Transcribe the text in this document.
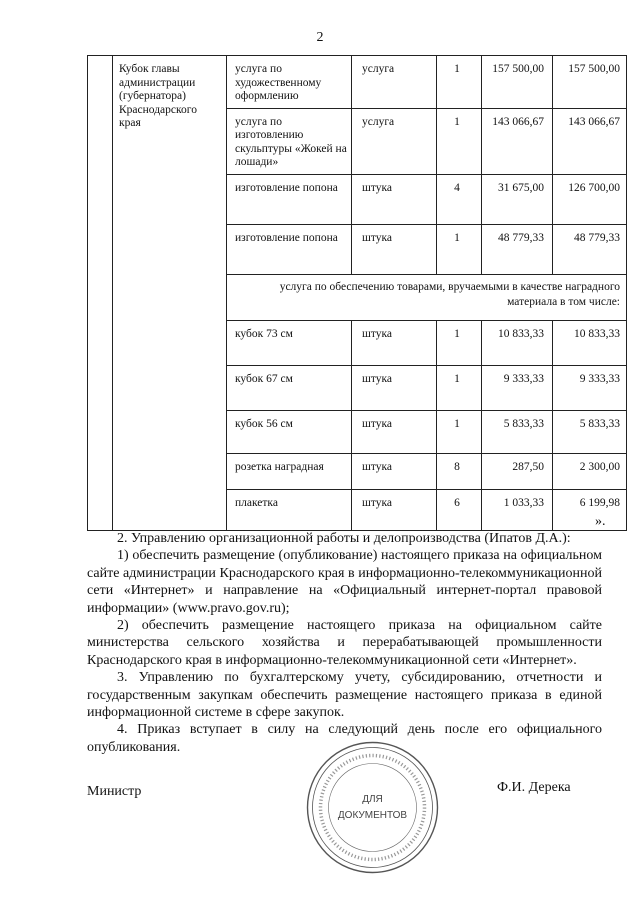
2
	Кубок главы администрации (губернатора) Краснодарского края	услуга по художественному оформлению	услуга	1	157 500,00	157 500,00
		услуга по изготовлению скульптуры «Жокей на лошади»	услуга	1	143 066,67	143 066,67
		изготовление попона	штука	4	31 675,00	126 700,00
		изготовление попона	штука	1	48 779,33	48 779,33
		услуга по обеспечению товарами, вручаемыми в качестве наградного материала в том числе:				
		кубок 73 см	штука	1	10 833,33	10 833,33
		кубок 67 см	штука	1	9 333,33	9 333,33
		кубок 56 см	штука	1	5 833,33	5 833,33
		розетка наградная	штука	8	287,50	2 300,00
		плакетка	штука	6	1 033,33	6 199,98
».

2. Управлению организационной работы и делопроизводства (Ипатов Д.А.):

1) обеспечить размещение (опубликование) настоящего приказа на официальном сайте администрации Краснодарского края в информационно-телекоммуникационной сети «Интернет» и направление на «Официальный интернет-портал правовой информации» (www.pravo.gov.ru);

2) обеспечить размещение настоящего приказа на официальном сайте министерства сельского хозяйства и перерабатывающей промышленности Краснодарского края в информационно-телекоммуникационной сети «Интернет».

3. Управлению по бухгалтерскому учету, субсидированию, отчетности и государственным закупкам обеспечить размещение настоящего приказа в единой информационной системе в сфере закупок.

4. Приказ вступает в силу на следующий день после его официального опубликования.

Министр	Ф.И. Дерека
ДЛЯ
ДОКУМЕНТОВ
